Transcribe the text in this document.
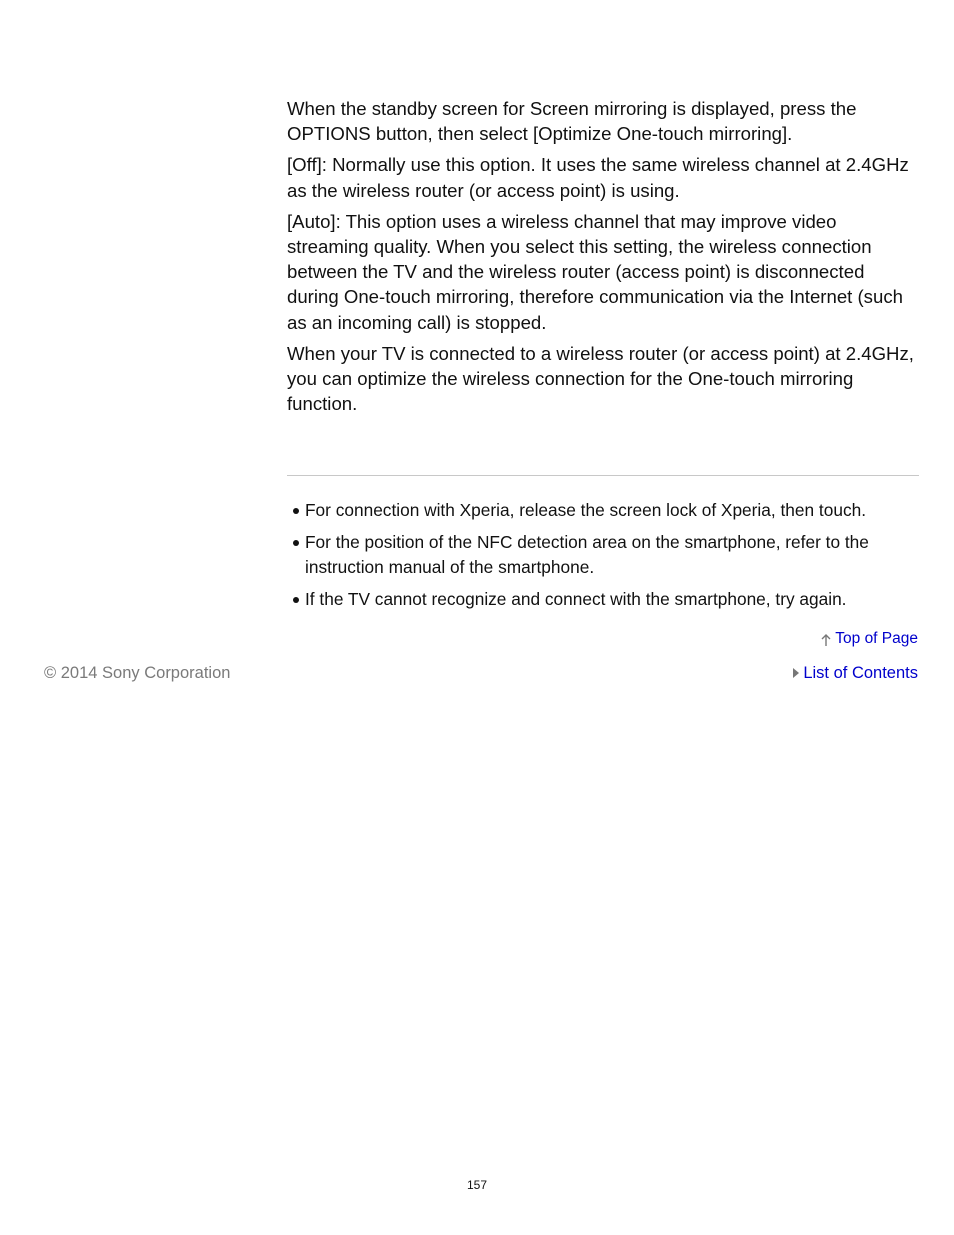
When the standby screen for Screen mirroring is displayed, press the OPTIONS button, then select [Optimize One-touch mirroring].

[Off]: Normally use this option. It uses the same wireless channel at 2.4GHz as the wireless router (or access point) is using.

[Auto]: This option uses a wireless channel that may improve video streaming quality. When you select this setting, the wireless connection between the TV and the wireless router (access point) is disconnected during One-touch mirroring, therefore communication via the Internet (such as an incoming call) is stopped.

When your TV is connected to a wireless router (or access point) at 2.4GHz, you can optimize the wireless connection for the One-touch mirroring function.

For connection with Xperia, release the screen lock of Xperia, then touch.
For the position of the NFC detection area on the smartphone, refer to the instruction manual of the smartphone.
If the TV cannot recognize and connect with the smartphone, try again.
Top of Page
© 2014 Sony Corporation	List of Contents
157
